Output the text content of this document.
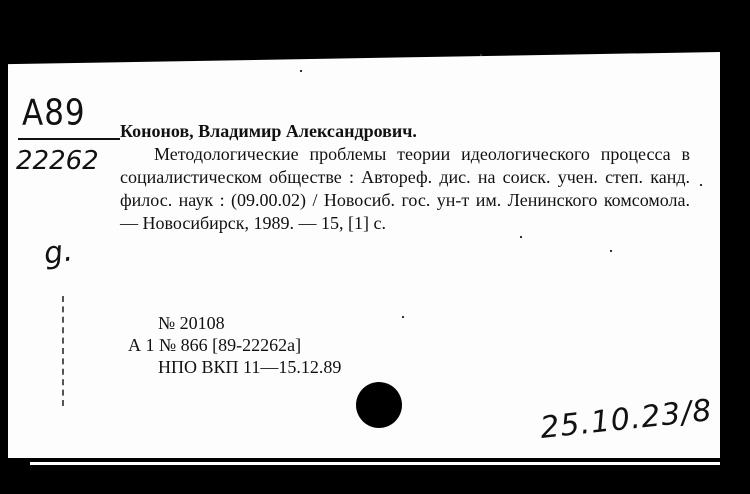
A89

22262

g.

Кононов, Владимир Александрович.

Методологические проблемы теории идеологического процесса в социалистическом обществе : Автореф. дис. на соиск. учен. степ. канд. филос. наук : (09.00.02) / Новосиб. гос. ун-т им. Ленинского комсомола. — Новосибирск, 1989. — 15, [1] с.

№ 20108
А 1 № 866 [89-22262а]
НПО ВКП 11—15.12.89

25.10.23/8
